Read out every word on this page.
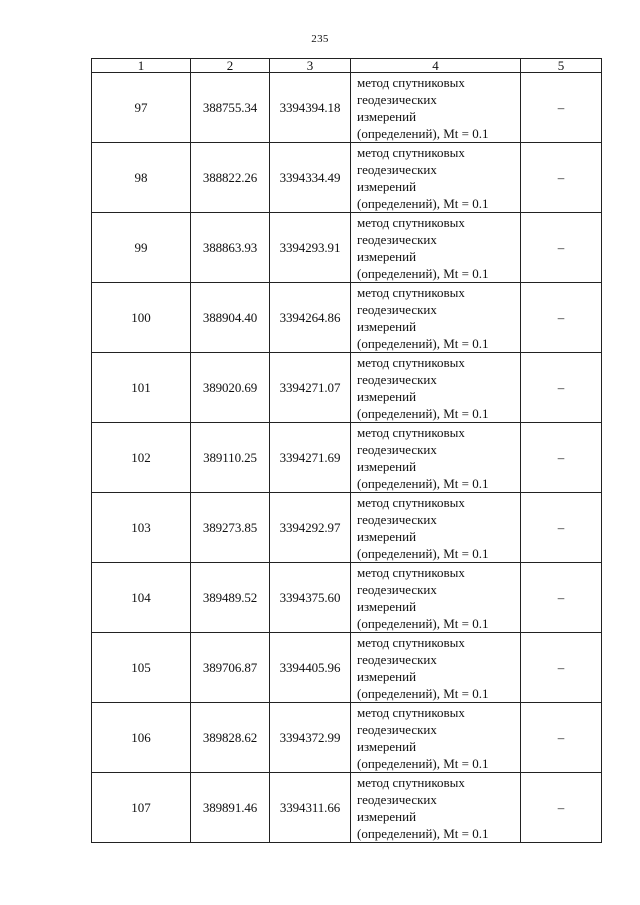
235
1	2	3	4	5
97	388755.34	3394394.18	метод спутниковых
геодезических
измерений
(определений), Mt = 0.1	–
98	388822.26	3394334.49	метод спутниковых
геодезических
измерений
(определений), Mt = 0.1	–
99	388863.93	3394293.91	метод спутниковых
геодезических
измерений
(определений), Mt = 0.1	–
100	388904.40	3394264.86	метод спутниковых
геодезических
измерений
(определений), Mt = 0.1	–
101	389020.69	3394271.07	метод спутниковых
геодезических
измерений
(определений), Mt = 0.1	–
102	389110.25	3394271.69	метод спутниковых
геодезических
измерений
(определений), Mt = 0.1	–
103	389273.85	3394292.97	метод спутниковых
геодезических
измерений
(определений), Mt = 0.1	–
104	389489.52	3394375.60	метод спутниковых
геодезических
измерений
(определений), Mt = 0.1	–
105	389706.87	3394405.96	метод спутниковых
геодезических
измерений
(определений), Mt = 0.1	–
106	389828.62	3394372.99	метод спутниковых
геодезических
измерений
(определений), Mt = 0.1	–
107	389891.46	3394311.66	метод спутниковых
геодезических
измерений
(определений), Mt = 0.1	–
